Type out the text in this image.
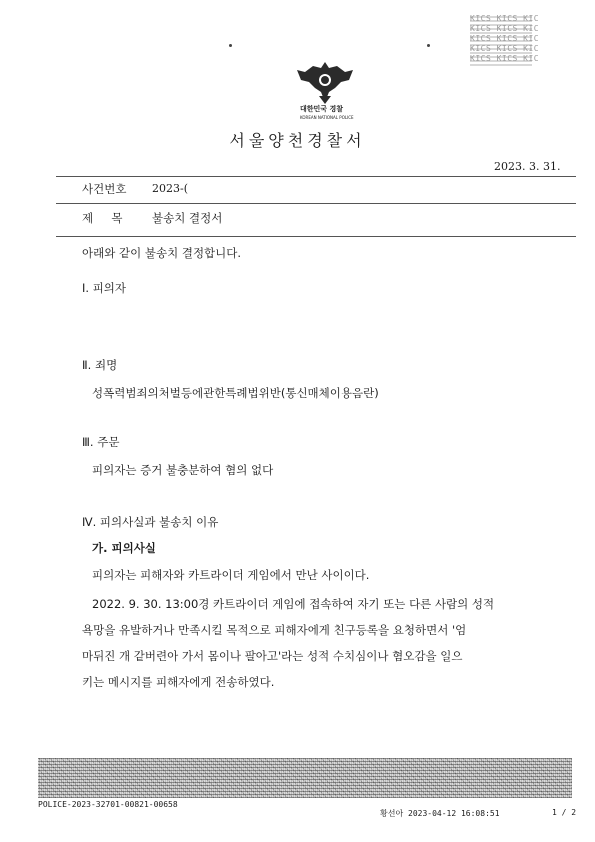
KICS KICS KIC
KICS KICS KIC
KICS KICS KIC
KICS KICS KIC
KICS KICS KIC
대한민국 경찰
KOREAN NATIONAL POLICE
서울양천경찰서
2023. 3. 31.
사건번호 2023-(
제     목	불송치 결정서
아래와 같이 불송치 결정합니다.
Ⅰ. 피의자
Ⅱ. 죄명
성폭력범죄의처벌등에관한특례법위반(통신매체이용음란)
Ⅲ. 주문
피의자는 증거 불충분하여 혐의 없다
Ⅳ. 피의사실과 불송치 이유
가. 피의사실
피의자는 피해자와 카트라이더 게임에서 만난 사이이다.
2022. 9. 30. 13:00경 카트라이더 게임에 접속하여 자기 또는 다른 사람의 성적
욕망을 유발하거나 만족시킬 목적으로 피해자에게 친구등록을 요청하면서 '엄
마뒤진 개 같버련아 가서 몸이나 팔아고'라는 성적 수치심이나 혐오감을 일으
키는 메시지를 피해자에게 전송하였다.
POLICE-2023-32701-00821-00658
황선아 2023-04-12 16:08:51	1 / 2
